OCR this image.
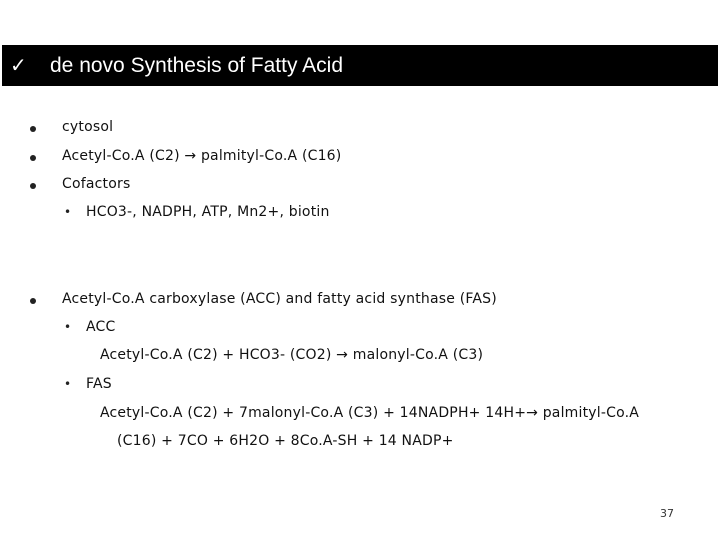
✓ de novo Synthesis of Fatty Acid
cytosol
Acetyl-Co.A (C2) → palmityl-Co.A (C16)
Cofactors
• HCO3-, NADPH, ATP, Mn2+, biotin
Acetyl-Co.A carboxylase (ACC) and fatty acid synthase (FAS)
• ACC
Acetyl-Co.A (C2) + HCO3- (CO2) → malonyl-Co.A (C3)
• FAS
Acetyl-Co.A (C2) + 7malonyl-Co.A (C3) + 14NADPH+ 14H+→ palmityl-Co.A
(C16) + 7CO + 6H2O + 8Co.A-SH + 14 NADP+
37
